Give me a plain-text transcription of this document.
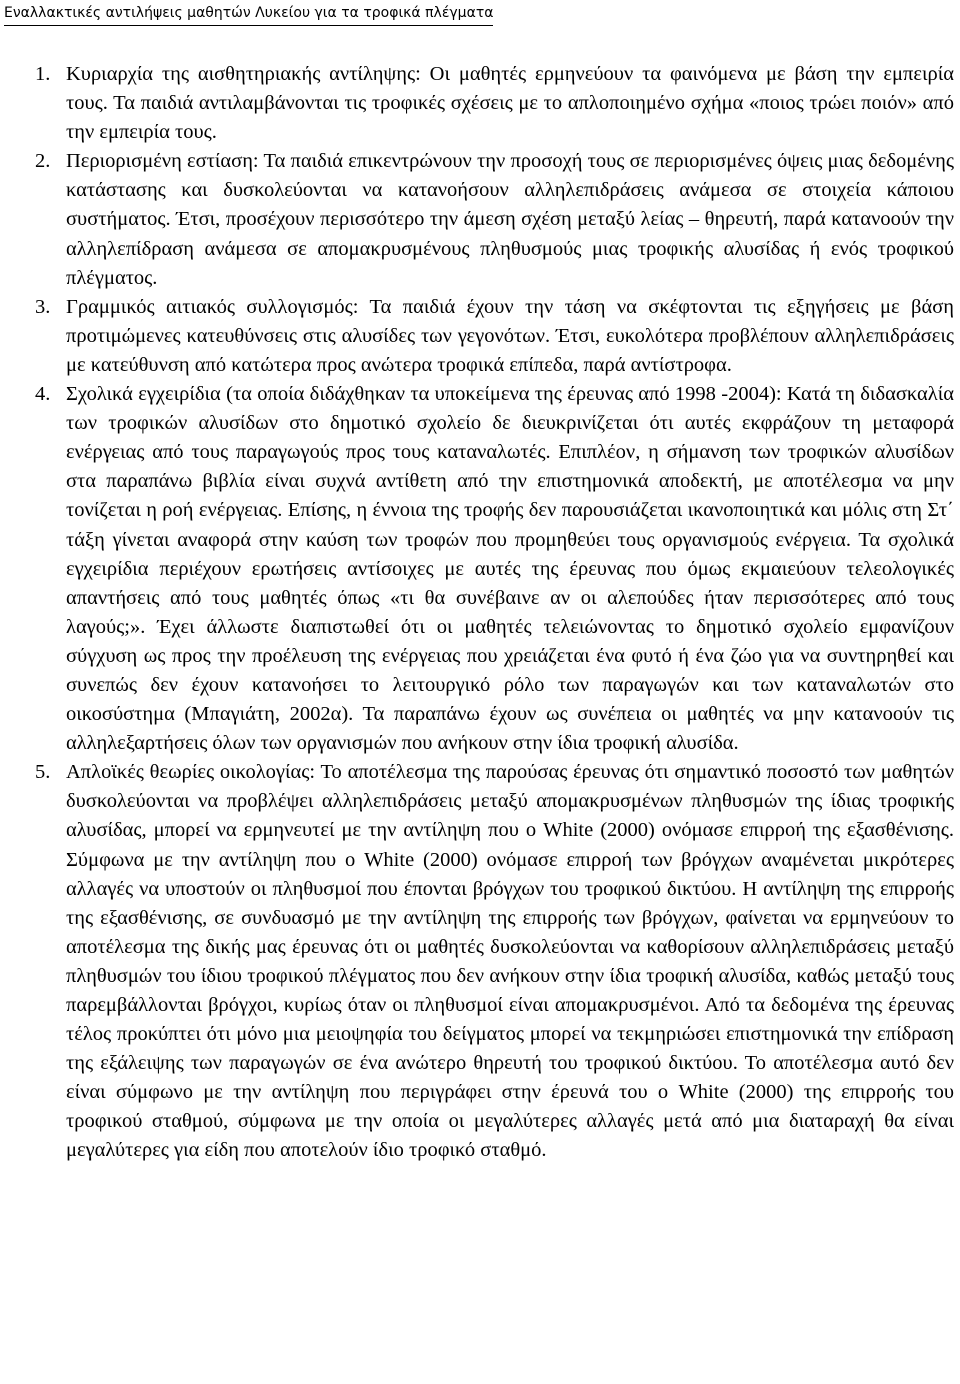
Εναλλακτικές αντιλήψεις μαθητών Λυκείου για τα τροφικά πλέγματα
1. Κυριαρχία της αισθητηριακής αντίληψης: Οι μαθητές ερμηνεύουν τα φαινόμενα με βάση την εμπειρία τους. Τα παιδιά αντιλαμβάνονται τις τροφικές σχέσεις με το απλοποιημένο σχήμα «ποιος τρώει ποιόν» από την εμπειρία τους.
2. Περιορισμένη εστίαση: Τα παιδιά επικεντρώνουν την προσοχή τους σε περιορισμένες όψεις μιας δεδομένης κατάστασης και δυσκολεύονται να κατανοήσουν αλληλεπιδράσεις ανάμεσα σε στοιχεία κάποιου συστήματος. Έτσι, προσέχουν περισσότερο την άμεση σχέση μεταξύ λείας – θηρευτή, παρά κατανοούν την αλληλεπίδραση ανάμεσα σε απομακρυσμένους πληθυσμούς μιας τροφικής αλυσίδας ή ενός τροφικού πλέγματος.
3. Γραμμικός αιτιακός συλλογισμός: Τα παιδιά έχουν την τάση να σκέφτονται τις εξηγήσεις με βάση προτιμώμενες κατευθύνσεις στις αλυσίδες των γεγονότων. Έτσι, ευκολότερα προβλέπουν αλληλεπιδράσεις με κατεύθυνση από κατώτερα προς ανώτερα τροφικά επίπεδα, παρά αντίστροφα.
4. Σχολικά εγχειρίδια (τα οποία διδάχθηκαν τα υποκείμενα της έρευνας από 1998 -2004): Κατά τη διδασκαλία των τροφικών αλυσίδων στο δημοτικό σχολείο δε διευκρινίζεται ότι αυτές εκφράζουν τη μεταφορά ενέργειας από τους παραγωγούς προς τους καταναλωτές. Επιπλέον, η σήμανση των τροφικών αλυσίδων στα παραπάνω βιβλία είναι συχνά αντίθετη από την επιστημονικά αποδεκτή, με αποτέλεσμα να μην τονίζεται η ροή ενέργειας. Επίσης, η έννοια της τροφής δεν παρουσιάζεται ικανοποιητικά και μόλις στη Στ΄ τάξη γίνεται αναφορά στην καύση των τροφών που προμηθεύει τους οργανισμούς ενέργεια. Τα σχολικά εγχειρίδια περιέχουν ερωτήσεις αντίσοιχες με αυτές της έρευνας που όμως εκμαιεύουν τελεολογικές απαντήσεις από τους μαθητές όπως «τι θα συνέβαινε αν οι αλεπούδες ήταν περισσότερες από τους λαγούς;». Έχει άλλωστε διαπιστωθεί ότι οι μαθητές τελειώνοντας το δημοτικό σχολείο εμφανίζουν σύγχυση ως προς την προέλευση της ενέργειας που χρειάζεται ένα φυτό ή ένα ζώο για να συντηρηθεί και συνεπώς δεν έχουν κατανοήσει το λειτουργικό ρόλο των παραγωγών και των καταναλωτών στο οικοσύστημα (Μπαγιάτη, 2002α). Τα παραπάνω έχουν ως συνέπεια οι μαθητές να μην κατανοούν τις αλληλεξαρτήσεις όλων των οργανισμών που ανήκουν στην ίδια τροφική αλυσίδα.
5. Απλοϊκές θεωρίες οικολογίας: Το αποτέλεσμα της παρούσας έρευνας ότι σημαντικό ποσοστό των μαθητών δυσκολεύονται να προβλέψει αλληλεπιδράσεις μεταξύ απομακρυσμένων πληθυσμών της ίδιας τροφικής αλυσίδας, μπορεί να ερμηνευτεί με την αντίληψη που ο White (2000) ονόμασε επιρροή της εξασθένισης. Σύμφωνα με την αντίληψη που ο White (2000) ονόμασε επιρροή των βρόγχων αναμένεται μικρότερες αλλαγές να υποστούν οι πληθυσμοί που έπονται βρόγχων του τροφικού δικτύου. Η αντίληψη της επιρροής της εξασθένισης, σε συνδυασμό με την αντίληψη της επιρροής των βρόγχων, φαίνεται να ερμηνεύουν το αποτέλεσμα της δικής μας έρευνας ότι οι μαθητές δυσκολεύονται να καθορίσουν αλληλεπιδράσεις μεταξύ πληθυσμών του ίδιου τροφικού πλέγματος που δεν ανήκουν στην ίδια τροφική αλυσίδα, καθώς μεταξύ τους παρεμβάλλονται βρόγχοι, κυρίως όταν οι πληθυσμοί είναι απομακρυσμένοι. Από τα δεδομένα της έρευνας τέλος προκύπτει ότι μόνο μια μειοψηφία του δείγματος μπορεί να τεκμηριώσει επιστημονικά την επίδραση της εξάλειψης των παραγωγών σε ένα ανώτερο θηρευτή του τροφικού δικτύου. Το αποτέλεσμα αυτό δεν είναι σύμφωνο με την αντίληψη που περιγράφει στην έρευνά του ο White (2000) της επιρροής του τροφικού σταθμού, σύμφωνα με την οποία οι μεγαλύτερες αλλαγές μετά από μια διαταραχή θα είναι μεγαλύτερες για είδη που αποτελούν ίδιο τροφικό σταθμό.
